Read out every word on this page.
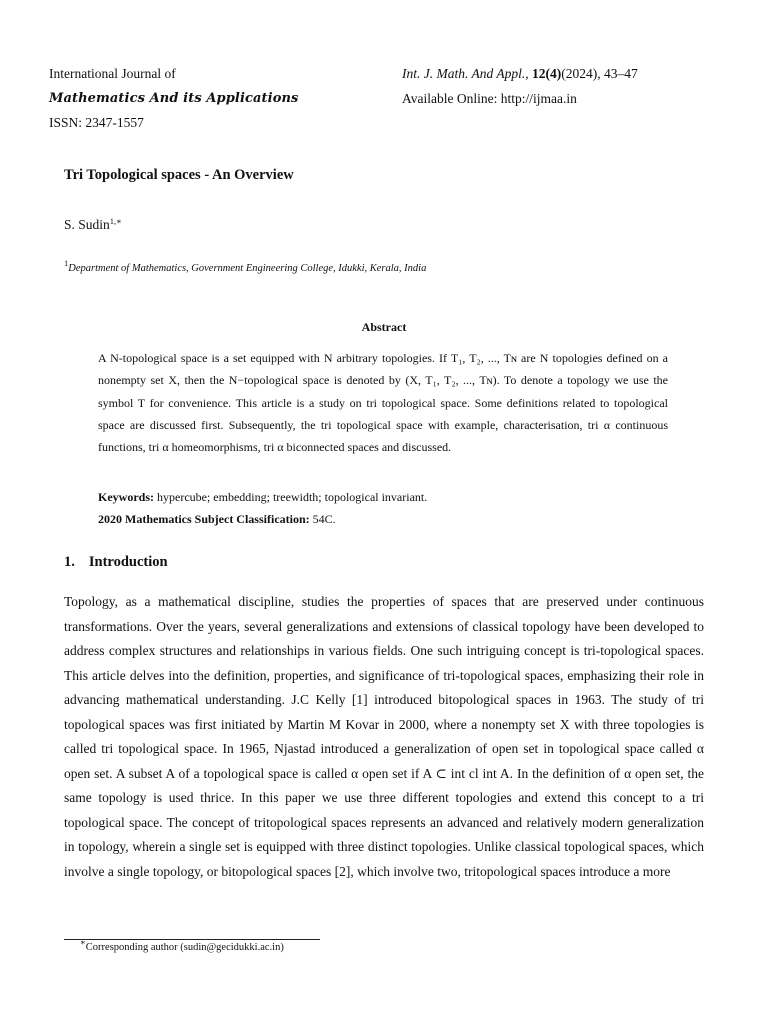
International Journal of
Mathematics And its Applications
ISSN: 2347-1557
Int. J. Math. And Appl., 12(4)(2024), 43–47
Available Online: http://ijmaa.in
Tri Topological spaces - An Overview
S. Sudin$^{1,∗}$
$^1$Department of Mathematics, Government Engineering College, Idukki, Kerala, India
Abstract

A N-topological space is a set equipped with N arbitrary topologies. If T₁, T₂, ..., Tɴ are N topologies defined on a nonempty set X, then the N−topological space is denoted by (X, T₁, T₂, ..., Tɴ). To denote a topology we use the symbol T for convenience. This article is a study on tri topological space. Some definitions related to topological space are discussed first. Subsequently, the tri topological space with example, characterisation, tri α continuous functions, tri α homeomorphisms, tri α biconnected spaces and discussed.

Keywords: hypercube; embedding; treewidth; topological invariant.
2020 Mathematics Subject Classification: 54C.
1. Introduction

Topology, as a mathematical discipline, studies the properties of spaces that are preserved under continuous transformations. Over the years, several generalizations and extensions of classical topology have been developed to address complex structures and relationships in various fields. One such intriguing concept is tri-topological spaces. This article delves into the definition, properties, and significance of tri-topological spaces, emphasizing their role in advancing mathematical understanding. J.C Kelly [1] introduced bitopological spaces in 1963. The study of tri topological spaces was first initiated by Martin M Kovar in 2000, where a nonempty set X with three topologies is called tri topological space. In 1965, Njastad introduced a generalization of open set in topological space called α open set. A subset A of a topological space is called α open set if A ⊂ int cl int A. In the definition of α open set, the same topology is used thrice. In this paper we use three different topologies and extend this concept to a tri topological space. The concept of tritopological spaces represents an advanced and relatively modern generalization in topology, wherein a single set is equipped with three distinct topologies. Unlike classical topological spaces, which involve a single topology, or bitopological spaces [2], which involve two, tritopological spaces introduce a more

∗Corresponding author (sudin@gecidukki.ac.in)
